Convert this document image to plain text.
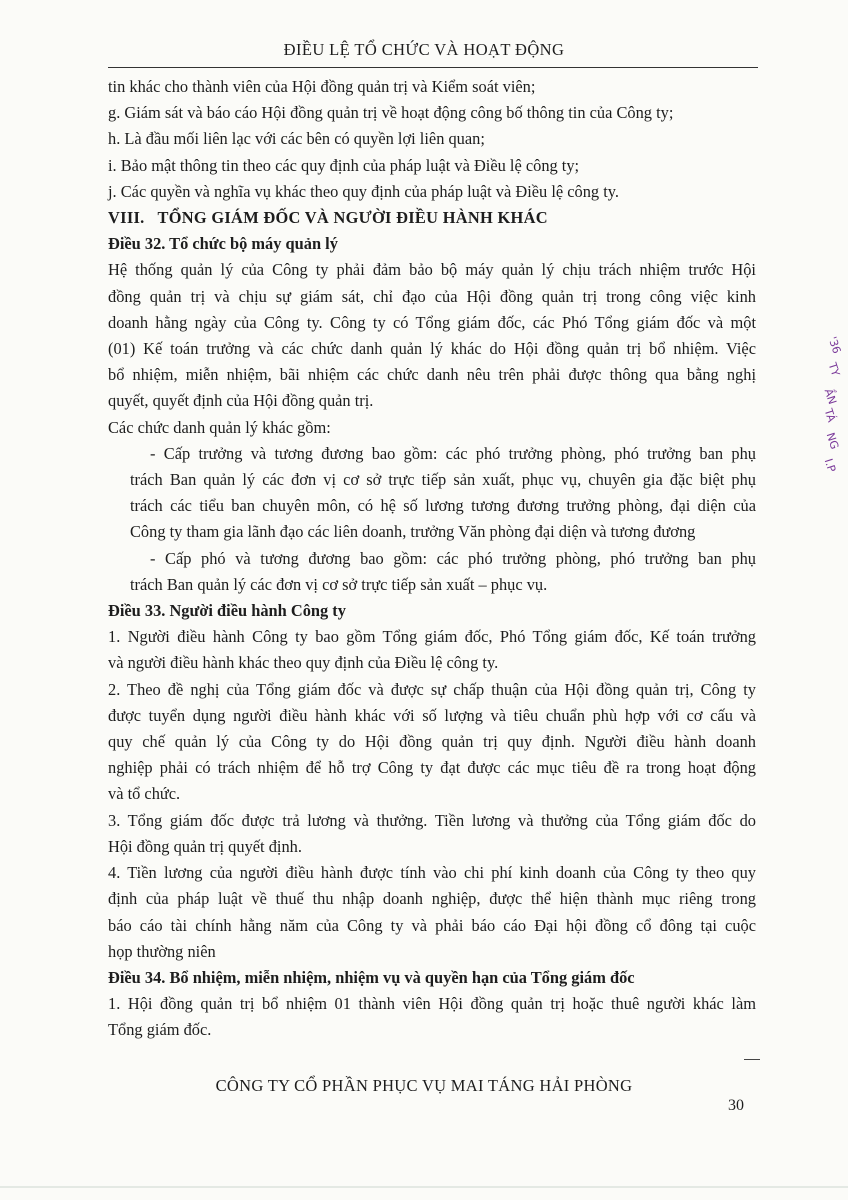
ĐIỀU LỆ TỔ CHỨC VÀ HOẠT ĐỘNG
tin khác cho thành viên của Hội đồng quản trị và Kiểm soát viên;
g. Giám sát và báo cáo Hội đồng quản trị về hoạt động công bố thông tin của Công ty;
h. Là đầu mối liên lạc với các bên có quyền lợi liên quan;
i. Bảo mật thông tin theo các quy định của pháp luật và Điều lệ công ty;
j. Các quyền và nghĩa vụ khác theo quy định của pháp luật và Điều lệ công ty.
VIII.   TỔNG GIÁM ĐỐC VÀ NGƯỜI ĐIỀU HÀNH KHÁC
Điều 32. Tổ chức bộ máy quản lý
Hệ thống quản lý của Công ty phải đảm bảo bộ máy quản lý chịu trách nhiệm trước Hội
đồng quản trị và chịu sự giám sát, chỉ đạo của Hội đồng quản trị trong công việc kinh
doanh hằng ngày của Công ty. Công ty có Tổng giám đốc, các Phó Tổng giám đốc và một
(01) Kế toán trưởng và các chức danh quản lý khác do Hội đồng quản trị bổ nhiệm. Việc
bổ nhiệm, miễn nhiệm, bãi nhiệm các chức danh nêu trên phải được thông qua bằng nghị
quyết, quyết định của Hội đồng quản trị.
Các chức danh quản lý khác gồm:
- Cấp trưởng và tương đương bao gồm: các phó trưởng phòng, phó trưởng ban phụ
trách Ban quản lý các đơn vị cơ sở trực tiếp sản xuất, phục vụ, chuyên gia đặc biệt phụ
trách các tiểu ban chuyên môn, có hệ số lương tương đương trưởng phòng, đại diện của
Công ty tham gia lãnh đạo các liên doanh, trưởng Văn phòng đại diện và tương đương
- Cấp phó và tương đương bao gồm: các phó trưởng phòng, phó trưởng ban phụ
trách Ban quản lý các đơn vị cơ sở trực tiếp sản xuất – phục vụ.
Điều 33. Người điều hành Công ty
1. Người điều hành Công ty bao gồm Tổng giám đốc, Phó Tổng giám đốc, Kế toán trưởng
và người điều hành khác theo quy định của Điều lệ công ty.
2. Theo đề nghị của Tổng giám đốc và được sự chấp thuận của Hội đồng quản trị, Công ty
được tuyển dụng người điều hành khác với số lượng và tiêu chuẩn phù hợp với cơ cấu và
quy chế quản lý của Công ty do Hội đồng quản trị quy định. Người điều hành doanh
nghiệp phải có trách nhiệm để hỗ trợ Công ty đạt được các mục tiêu đề ra trong hoạt động
và tổ chức.
3. Tổng giám đốc được trả lương và thưởng. Tiền lương và thưởng của Tổng giám đốc do
Hội đồng quản trị quyết định.
4. Tiền lương của người điều hành được tính vào chi phí kinh doanh của Công ty theo quy
định của pháp luật về thuế thu nhập doanh nghiệp, được thể hiện thành mục riêng trong
báo cáo tài chính hằng năm của Công ty và phải báo cáo Đại hội đồng cổ đông tại cuộc
họp thường niên
Điều 34. Bổ nhiệm, miễn nhiệm, nhiệm vụ và quyền hạn của Tổng giám đốc
1. Hội đồng quản trị bổ nhiệm 01 thành viên Hội đồng quản trị hoặc thuê người khác làm
Tổng giám đốc.
'36
TY
ẦN
TÁ
NG
I.P
CÔNG TY CỔ PHẦN PHỤC VỤ MAI TÁNG HẢI PHÒNG
30
